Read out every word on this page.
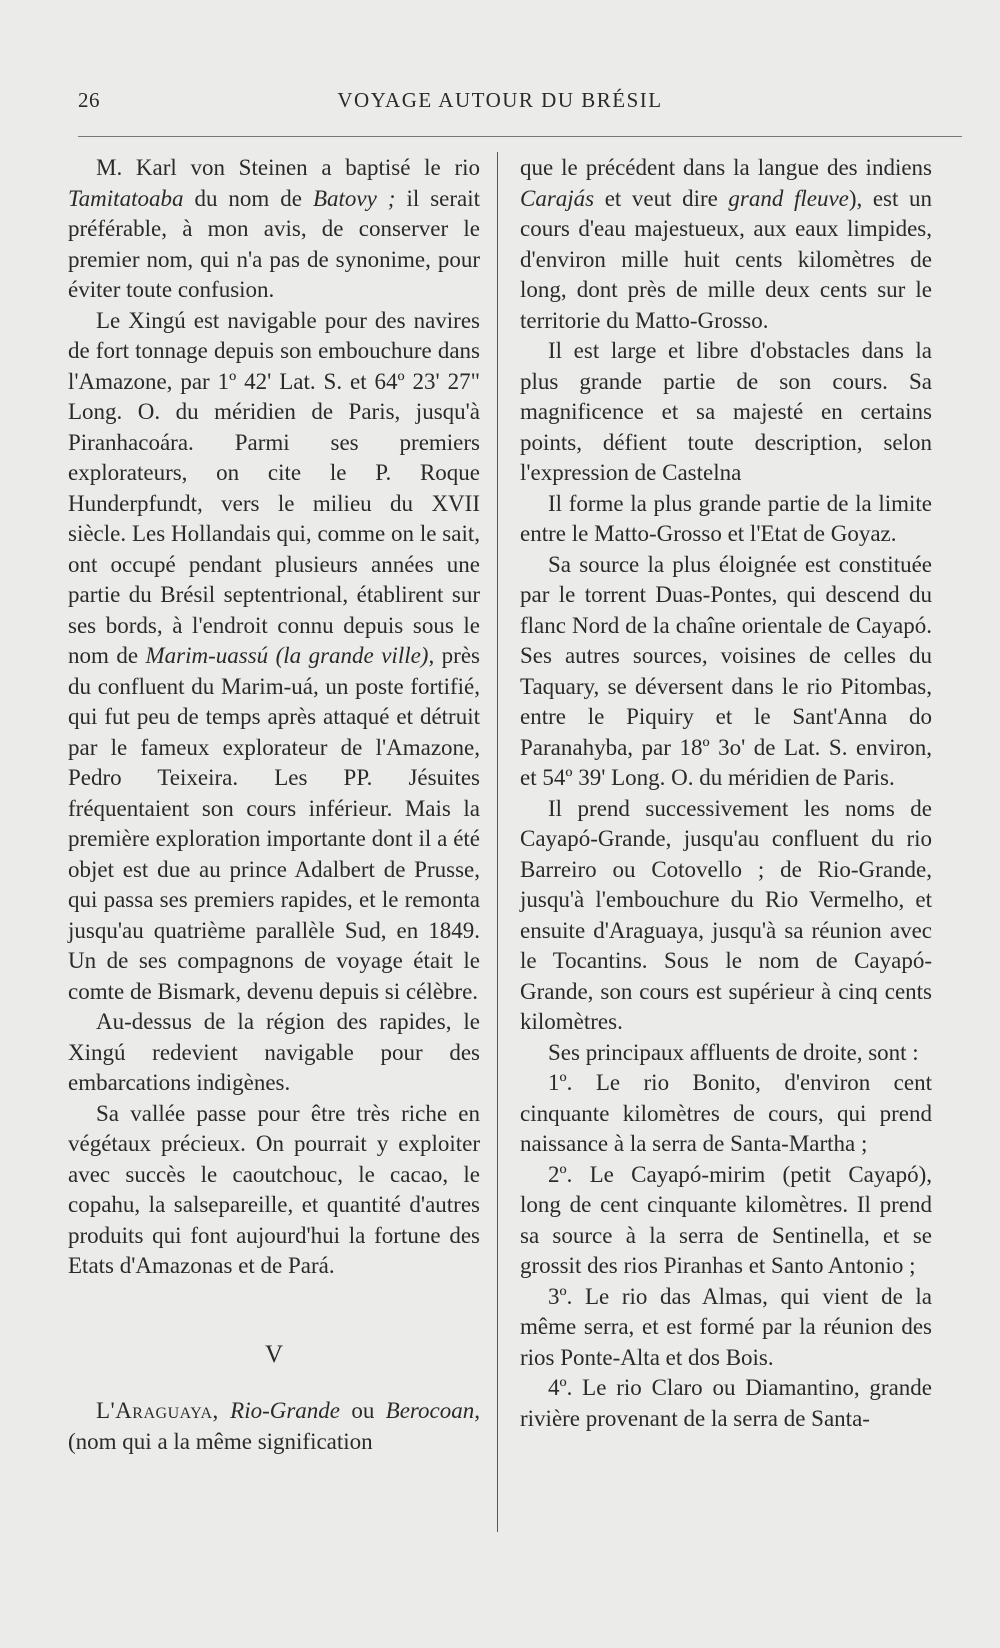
26	VOYAGE AUTOUR DU BRÉSIL

M. Karl von Steinen a baptisé le rio Tamitatoaba du nom de Batovy ; il serait préférable, à mon avis, de conserver le premier nom, qui n'a pas de synonime, pour éviter toute confusion.

Le Xingú est navigable pour des navires de fort tonnage depuis son embouchure dans l'Amazone, par 1º 42' Lat. S. et 64º 23' 27" Long. O. du méridien de Paris, jusqu'à Piranhacoára. Parmi ses premiers explorateurs, on cite le P. Roque Hunderpfundt, vers le milieu du XVII siècle. Les Hollandais qui, comme on le sait, ont occupé pendant plusieurs années une partie du Brésil septentrional, établirent sur ses bords, à l'endroit connu depuis sous le nom de Marim-uassú (la grande ville), près du confluent du Marim-uá, un poste fortifié, qui fut peu de temps après attaqué et détruit par le fameux explorateur de l'Amazone, Pedro Teixeira. Les PP. Jésuites fréquentaient son cours inférieur. Mais la première exploration importante dont il a été objet est due au prince Adalbert de Prusse, qui passa ses premiers rapides, et le remonta jusqu'au quatrième parallèle Sud, en 1849. Un de ses compagnons de voyage était le comte de Bismark, devenu depuis si célèbre.

Au-dessus de la région des rapides, le Xingú redevient navigable pour des embarcations indigènes.

Sa vallée passe pour être très riche en végétaux précieux. On pourrait y exploiter avec succès le caoutchouc, le cacao, le copahu, la salsepareille, et quantité d'autres produits qui font aujourd'hui la fortune des Etats d'Amazonas et de Pará.

V

L'Araguaya, Rio-Grande ou Berocoan, (nom qui a la même signification

que le précédent dans la langue des indiens Carajás et veut dire grand fleuve), est un cours d'eau majestueux, aux eaux limpides, d'environ mille huit cents kilomètres de long, dont près de mille deux cents sur le territorie du Matto-Grosso.

Il est large et libre d'obstacles dans la plus grande partie de son cours. Sa magnificence et sa majesté en certains points, défient toute description, selon l'expression de Castelna

Il forme la plus grande partie de la limite entre le Matto-Grosso et l'Etat de Goyaz.

Sa source la plus éloignée est constituée par le torrent Duas-Pontes, qui descend du flanc Nord de la chaîne orientale de Cayapó. Ses autres sources, voisines de celles du Taquary, se déversent dans le rio Pitombas, entre le Piquiry et le Sant'Anna do Paranahyba, par 18º 3o' de Lat. S. environ, et 54º 39' Long. O. du méridien de Paris.

Il prend successivement les noms de Cayapó-Grande, jusqu'au confluent du rio Barreiro ou Cotovello ; de Rio-Grande, jusqu'à l'embouchure du Rio Vermelho, et ensuite d'Araguaya, jusqu'à sa réunion avec le Tocantins. Sous le nom de Cayapó-Grande, son cours est supérieur à cinq cents kilomètres.

Ses principaux affluents de droite, sont :

1º. Le rio Bonito, d'environ cent cinquante kilomètres de cours, qui prend naissance à la serra de Santa-Martha ;

2º. Le Cayapó-mirim (petit Cayapó), long de cent cinquante kilomètres. Il prend sa source à la serra de Sentinella, et se grossit des rios Piranhas et Santo Antonio ;

3º. Le rio das Almas, qui vient de la même serra, et est formé par la réunion des rios Ponte-Alta et dos Bois.

4º. Le rio Claro ou Diamantino, grande rivière provenant de la serra de Santa-
